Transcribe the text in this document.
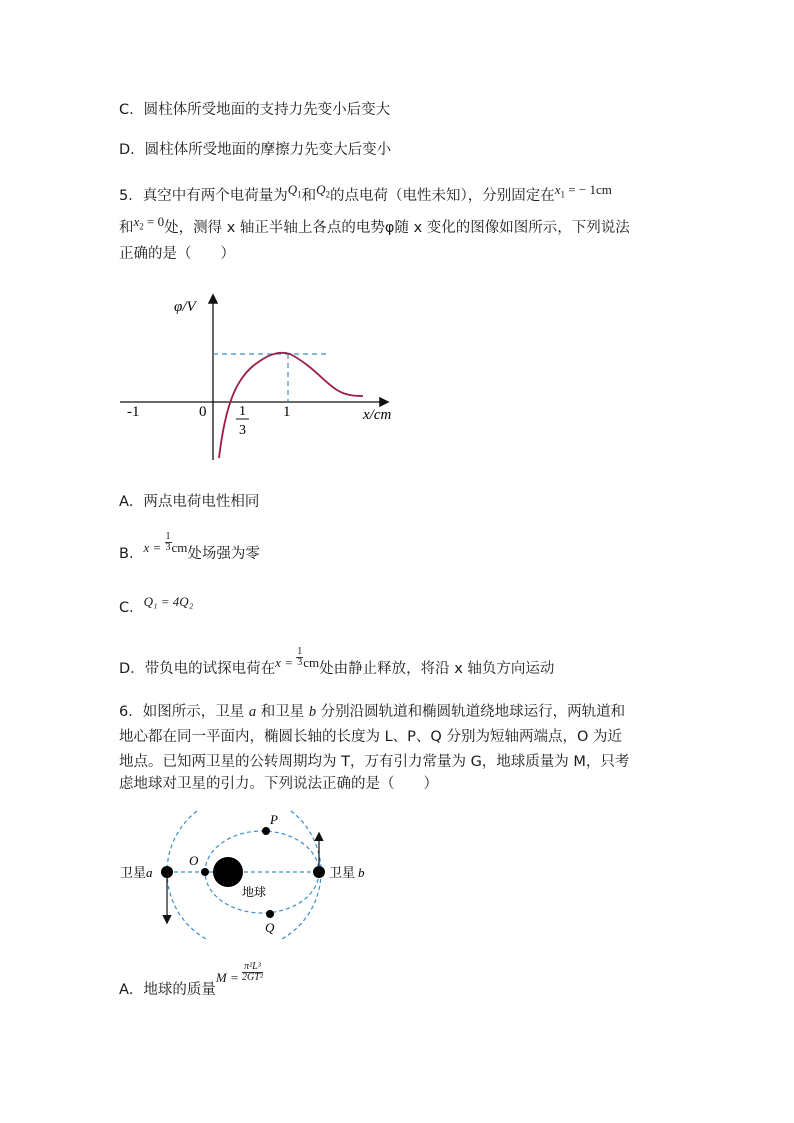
C．圆柱体所受地面的支持力先变小后变大
D．圆柱体所受地面的摩擦力先变大后变小
5．真空中有两个电荷量为$Q_1$和$Q_2$的点电荷（电性未知），分别固定在$x_1$ = − 1cm
和$x_2 = 0$处，测得 x 轴正半轴上各点的电势φ随 x 变化的图像如图所示，下列说法
正确的是（　　）
φ/V
x/cm
-1	0 1
3
1
A．两点电荷电性相同
B．$x = \frac{1}{3}$ cm处场强为零
C．Q₁ = 4Q₂
D．带负电的试探电荷在$x = \frac{1}{3}$ cm处由静止释放，将沿 x 轴负方向运动
6．如图所示，卫星 a 和卫星 b 分别沿圆轨道和椭圆轨道绕地球运行，两轨道和
地心都在同一平面内，椭圆长轴的长度为 L、P、Q 分别为短轴两端点，O 为近
地点。已知两卫星的公转周期均为 T，万有引力常量为 G，地球质量为 M，只考
虑地球对卫星的引力。下列说法正确的是（　　）
卫星a	卫星 b
P
Q
O
地球
A．地球的质量$M = \frac{\text{π²L³}}{\text{2GT²}}$
